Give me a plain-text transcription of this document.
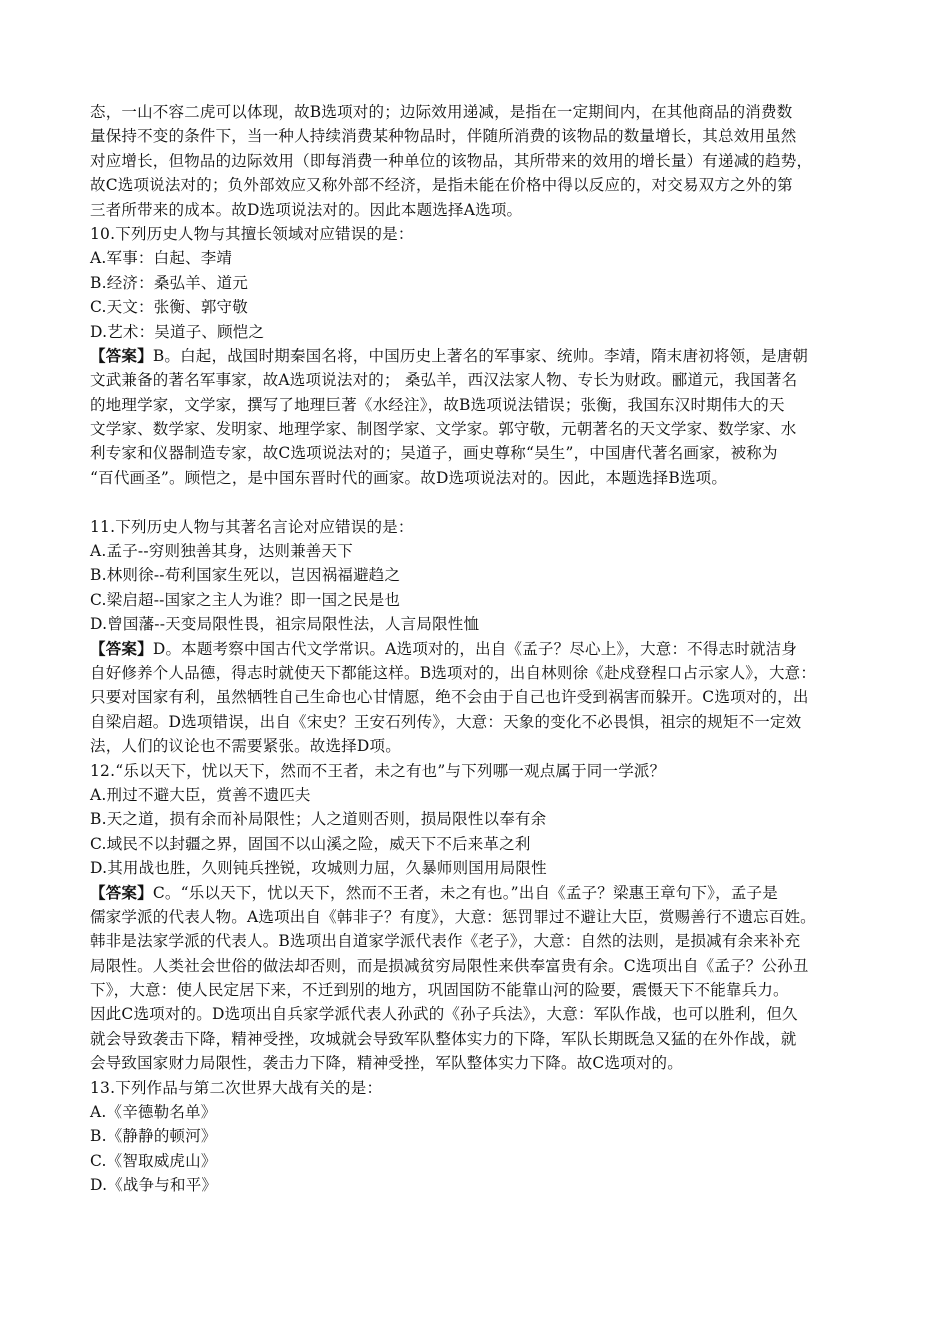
态，一山不容二虎可以体现，故B选项对的；边际效用递减，是指在一定期间内，在其他商品的消费数
量保持不变的条件下，当一种人持续消费某种物品时，伴随所消费的该物品的数量增长，其总效用虽然
对应增长，但物品的边际效用（即每消费一种单位的该物品，其所带来的效用的增长量）有递减的趋势，
故C选项说法对的；负外部效应又称外部不经济，是指未能在价格中得以反应的，对交易双方之外的第
三者所带来的成本。故D选项说法对的。因此本题选择A选项。
10.下列历史人物与其擅长领域对应错误的是：
A.军事：白起、李靖
B.经济：桑弘羊、道元
C.天文：张衡、郭守敬
D.艺术：吴道子、顾恺之
【答案】B。白起，战国时期秦国名将，中国历史上著名的军事家、统帅。李靖，隋末唐初将领，是唐朝
文武兼备的著名军事家，故A选项说法对的； 桑弘羊，西汉法家人物、专长为财政。郦道元，我国著名
的地理学家，文学家，撰写了地理巨著《水经注》，故B选项说法错误；张衡，我国东汉时期伟大的天
文学家、数学家、发明家、地理学家、制图学家、文学家。郭守敬，元朝著名的天文学家、数学家、水
利专家和仪器制造专家，故C选项说法对的；吴道子，画史尊称“吴生”，中国唐代著名画家，被称为
“百代画圣”。顾恺之，是中国东晋时代的画家。故D选项说法对的。因此，本题选择B选项。
11.下列历史人物与其著名言论对应错误的是：
A.孟子--穷则独善其身，达则兼善天下
B.林则徐--苟利国家生死以，岂因祸福避趋之
C.梁启超--国家之主人为谁？即一国之民是也
D.曾国藩--天变局限性畏，祖宗局限性法，人言局限性恤
【答案】D。本题考察中国古代文学常识。A选项对的，出自《孟子？尽心上》，大意：不得志时就洁身
自好修养个人品德，得志时就使天下都能这样。B选项对的，出自林则徐《赴戍登程口占示家人》，大意：
只要对国家有利，虽然牺牲自己生命也心甘情愿，绝不会由于自己也许受到祸害而躲开。C选项对的，出
自梁启超。D选项错误，出自《宋史？王安石列传》，大意：天象的变化不必畏惧，祖宗的规矩不一定效
法，人们的议论也不需要紧张。故选择D项。
12.“乐以天下，忧以天下，然而不王者，未之有也”与下列哪一观点属于同一学派？
A.刑过不避大臣，赏善不遗匹夫
B.天之道，损有余而补局限性；人之道则否则，损局限性以奉有余
C.域民不以封疆之界，固国不以山溪之险，威天下不后来革之利
D.其用战也胜，久则钝兵挫锐，攻城则力屈，久暴师则国用局限性
【答案】C。“乐以天下，忧以天下，然而不王者，未之有也。”出自《孟子？梁惠王章句下》，孟子是
儒家学派的代表人物。A选项出自《韩非子？有度》，大意：惩罚罪过不避让大臣，赏赐善行不遗忘百姓。
韩非是法家学派的代表人。B选项出自道家学派代表作《老子》，大意：自然的法则，是损减有余来补充
局限性。人类社会世俗的做法却否则，而是损减贫穷局限性来供奉富贵有余。C选项出自《孟子？公孙丑
下》，大意：使人民定居下来，不迁到别的地方，巩固国防不能靠山河的险要，震慑天下不能靠兵力。
因此C选项对的。D选项出自兵家学派代表人孙武的《孙子兵法》，大意：军队作战，也可以胜利，但久
就会导致袭击下降，精神受挫，攻城就会导致军队整体实力的下降，军队长期既急又猛的在外作战，就
会导致国家财力局限性，袭击力下降，精神受挫，军队整体实力下降。故C选项对的。
13.下列作品与第二次世界大战有关的是：
A.《辛德勒名单》
B.《静静的顿河》
C.《智取威虎山》
D.《战争与和平》
